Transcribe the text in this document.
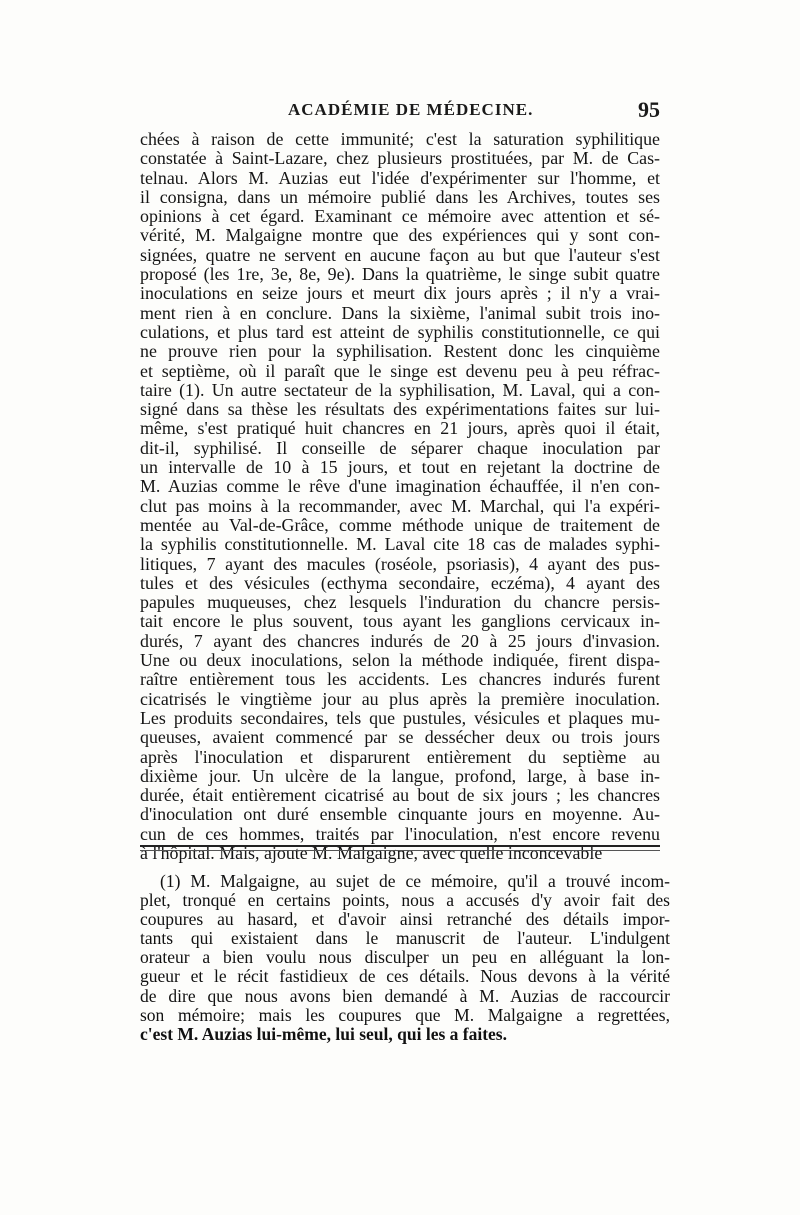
ACADÉMIE DE MÉDECINE.	95
chées à raison de cette immunité; c'est la saturation syphilitique
constatée à Saint-Lazare, chez plusieurs prostituées, par M. de Cas-
telnau. Alors M. Auzias eut l'idée d'expérimenter sur l'homme, et
il consigna, dans un mémoire publié dans les Archives, toutes ses
opinions à cet égard. Examinant ce mémoire avec attention et sé-
vérité, M. Malgaigne montre que des expériences qui y sont con-
signées, quatre ne servent en aucune façon au but que l'auteur s'est
proposé (les 1re, 3e, 8e, 9e). Dans la quatrième, le singe subit quatre
inoculations en seize jours et meurt dix jours après ; il n'y a vrai-
ment rien à en conclure. Dans la sixième, l'animal subit trois ino-
culations, et plus tard est atteint de syphilis constitutionnelle, ce qui
ne prouve rien pour la syphilisation. Restent donc les cinquième
et septième, où il paraît que le singe est devenu peu à peu réfrac-
taire (1). Un autre sectateur de la syphilisation, M. Laval, qui a con-
signé dans sa thèse les résultats des expérimentations faites sur lui-
même, s'est pratiqué huit chancres en 21 jours, après quoi il était,
dit-il, syphilisé. Il conseille de séparer chaque inoculation par
un intervalle de 10 à 15 jours, et tout en rejetant la doctrine de
M. Auzias comme le rêve d'une imagination échauffée, il n'en con-
clut pas moins à la recommander, avec M. Marchal, qui l'a expéri-
mentée au Val-de-Grâce, comme méthode unique de traitement de
la syphilis constitutionnelle. M. Laval cite 18 cas de malades syphi-
litiques, 7 ayant des macules (roséole, psoriasis), 4 ayant des pus-
tules et des vésicules (ecthyma secondaire, eczéma), 4 ayant des
papules muqueuses, chez lesquels l'induration du chancre persis-
tait encore le plus souvent, tous ayant les ganglions cervicaux in-
durés, 7 ayant des chancres indurés de 20 à 25 jours d'invasion.
Une ou deux inoculations, selon la méthode indiquée, firent dispa-
raître entièrement tous les accidents. Les chancres indurés furent
cicatrisés le vingtième jour au plus après la première inoculation.
Les produits secondaires, tels que pustules, vésicules et plaques mu-
queuses, avaient commencé par se dessécher deux ou trois jours
après l'inoculation et disparurent entièrement du septième au
dixième jour. Un ulcère de la langue, profond, large, à base in-
durée, était entièrement cicatrisé au bout de six jours ; les chancres
d'inoculation ont duré ensemble cinquante jours en moyenne. Au-
cun de ces hommes, traités par l'inoculation, n'est encore revenu
à l'hôpital. Mais, ajoute M. Malgaigne, avec quelle inconcevable
(1) M. Malgaigne, au sujet de ce mémoire, qu'il a trouvé incom-
plet, tronqué en certains points, nous a accusés d'y avoir fait des
coupures au hasard, et d'avoir ainsi retranché des détails impor-
tants qui existaient dans le manuscrit de l'auteur. L'indulgent
orateur a bien voulu nous disculper un peu en alléguant la lon-
gueur et le récit fastidieux de ces détails. Nous devons à la vérité
de dire que nous avons bien demandé à M. Auzias de raccourcir
son mémoire; mais les coupures que M. Malgaigne a regrettées,
c'est M. Auzias lui-même, lui seul, qui les a faites.
